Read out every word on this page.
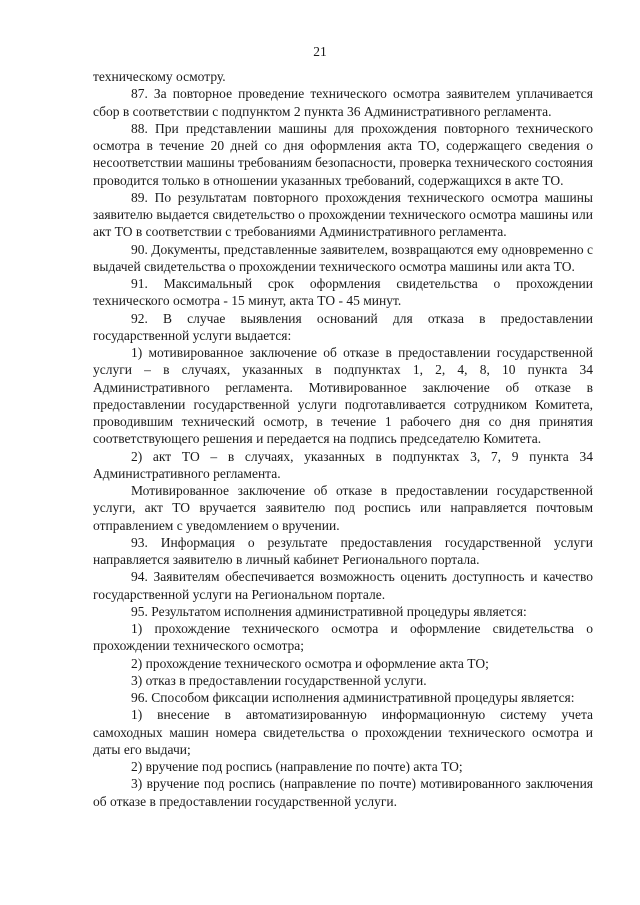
21

техническому осмотру.

87. За повторное проведение технического осмотра заявителем уплачивается сбор в соответствии с подпунктом 2 пункта 36 Административного регламента.

88. При представлении машины для прохождения повторного технического осмотра в течение 20 дней со дня оформления акта ТО, содержащего сведения о несоответствии машины требованиям безопасности, проверка технического состояния проводится только в отношении указанных требований, содержащихся в акте ТО.

89. По результатам повторного прохождения технического осмотра машины заявителю выдается свидетельство о прохождении технического осмотра машины или акт ТО в соответствии с требованиями Административного регламента.

90. Документы, представленные заявителем, возвращаются ему одновременно с выдачей свидетельства о прохождении технического осмотра машины или акта ТО.

91. Максимальный срок оформления свидетельства о прохождении технического осмотра - 15 минут, акта ТО - 45 минут.

92. В случае выявления оснований для отказа в предоставлении государственной услуги выдается:

1) мотивированное заключение об отказе в предоставлении государственной услуги – в случаях, указанных в подпунктах 1, 2, 4, 8, 10 пункта 34 Административного регламента. Мотивированное заключение об отказе в предоставлении государственной услуги подготавливается сотрудником Комитета, проводившим технический осмотр, в течение 1 рабочего дня со дня принятия соответствующего решения и передается на подпись председателю Комитета.

2) акт ТО – в случаях, указанных в подпунктах 3, 7, 9 пункта 34 Административного регламента.

Мотивированное заключение об отказе в предоставлении государственной услуги, акт ТО вручается заявителю под роспись или направляется почтовым отправлением с уведомлением о вручении.

93. Информация о результате предоставления государственной услуги направляется заявителю в личный кабинет Регионального портала.

94. Заявителям обеспечивается возможность оценить доступность и качество государственной услуги на Региональном портале.

95. Результатом исполнения административной процедуры является:

1) прохождение технического осмотра и оформление свидетельства о прохождении технического осмотра;

2) прохождение технического осмотра и оформление акта ТО;

3) отказ в предоставлении государственной услуги.

96. Способом фиксации исполнения административной процедуры является:

1) внесение в автоматизированную информационную систему учета самоходных машин номера свидетельства о прохождении технического осмотра и даты его выдачи;

2) вручение под роспись (направление по почте) акта ТО;

3) вручение под роспись (направление по почте) мотивированного заключения об отказе в предоставлении государственной услуги.
